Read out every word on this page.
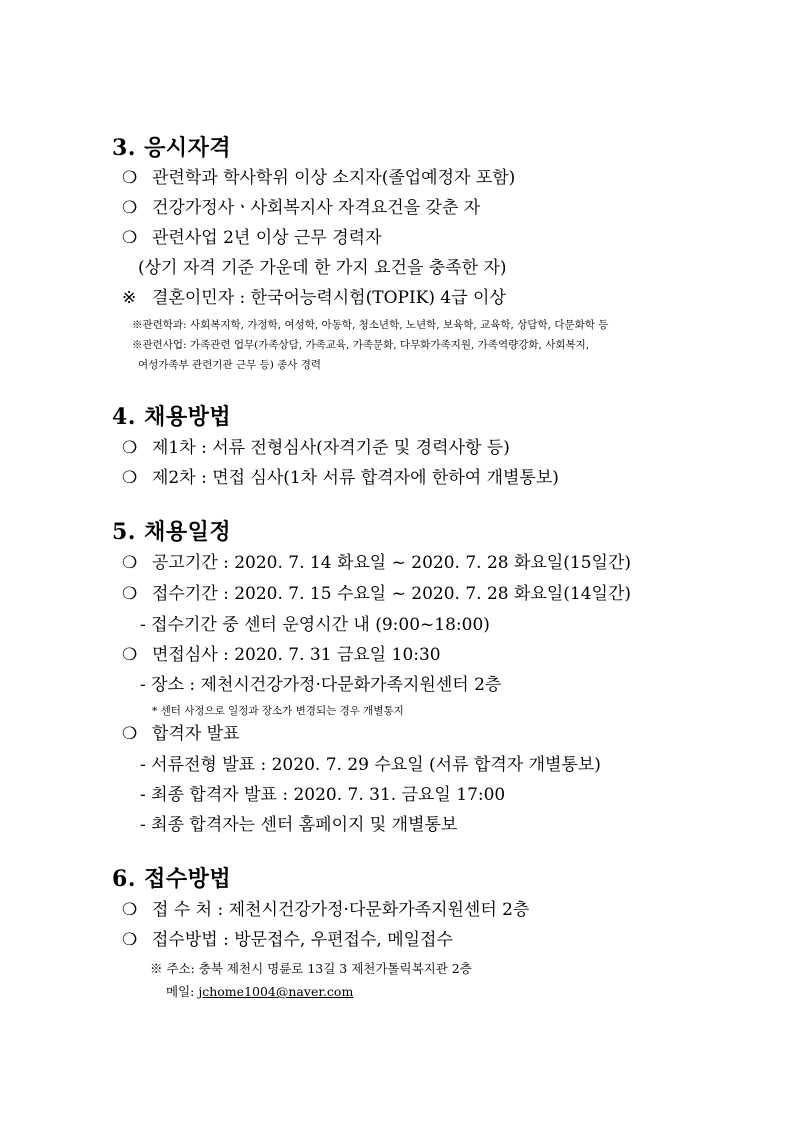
3. 응시자격
❍ 관련학과 학사학위 이상 소지자(졸업예정자 포함)
❍ 건강가정사ㆍ사회복지사 자격요건을 갖춘 자
❍ 관련사업 2년 이상 근무 경력자
(상기 자격 기준 가운데 한 가지 요건을 충족한 자)
※ 결혼이민자 : 한국어능력시험(TOPIK) 4급 이상
※관련학과: 사회복지학, 가정학, 여성학, 아동학, 청소년학, 노년학, 보육학, 교육학, 상담학, 다문화학 등
※관련사업: 가족관련 업무(가족상담, 가족교육, 가족문화, 다무화가족지원, 가족역량강화, 사회복지,
여성가족부 관련기관 근무 등) 종사 경력
4. 채용방법
❍ 제1차 : 서류 전형심사(자격기준 및 경력사항 등)
❍ 제2차 : 면접 심사(1차 서류 합격자에 한하여 개별통보)
5. 채용일정
❍ 공고기간 : 2020. 7. 14 화요일 ~ 2020. 7. 28 화요일(15일간)
❍ 접수기간 : 2020. 7. 15 수요일 ~ 2020. 7. 28 화요일(14일간)
- 접수기간 중 센터 운영시간 내 (9:00~18:00)
❍ 면접심사 : 2020. 7. 31 금요일 10:30
- 장소 : 제천시건강가정·다문화가족지원센터 2층
* 센터 사정으로 일정과 장소가 변경되는 경우 개별통지
❍ 합격자 발표
- 서류전형 발표 : 2020. 7. 29 수요일 (서류 합격자 개별통보)
- 최종 합격자 발표 : 2020. 7. 31. 금요일 17:00
- 최종 합격자는 센터 홈페이지 및 개별통보
6. 접수방법
❍ 접 수 처 : 제천시건강가정·다문화가족지원센터 2층
❍ 접수방법 : 방문접수, 우편접수, 메일접수
※ 주소: 충북 제천시 명륜로 13길 3 제천가톨릭복지관 2층
메일: jchome1004@naver.com
